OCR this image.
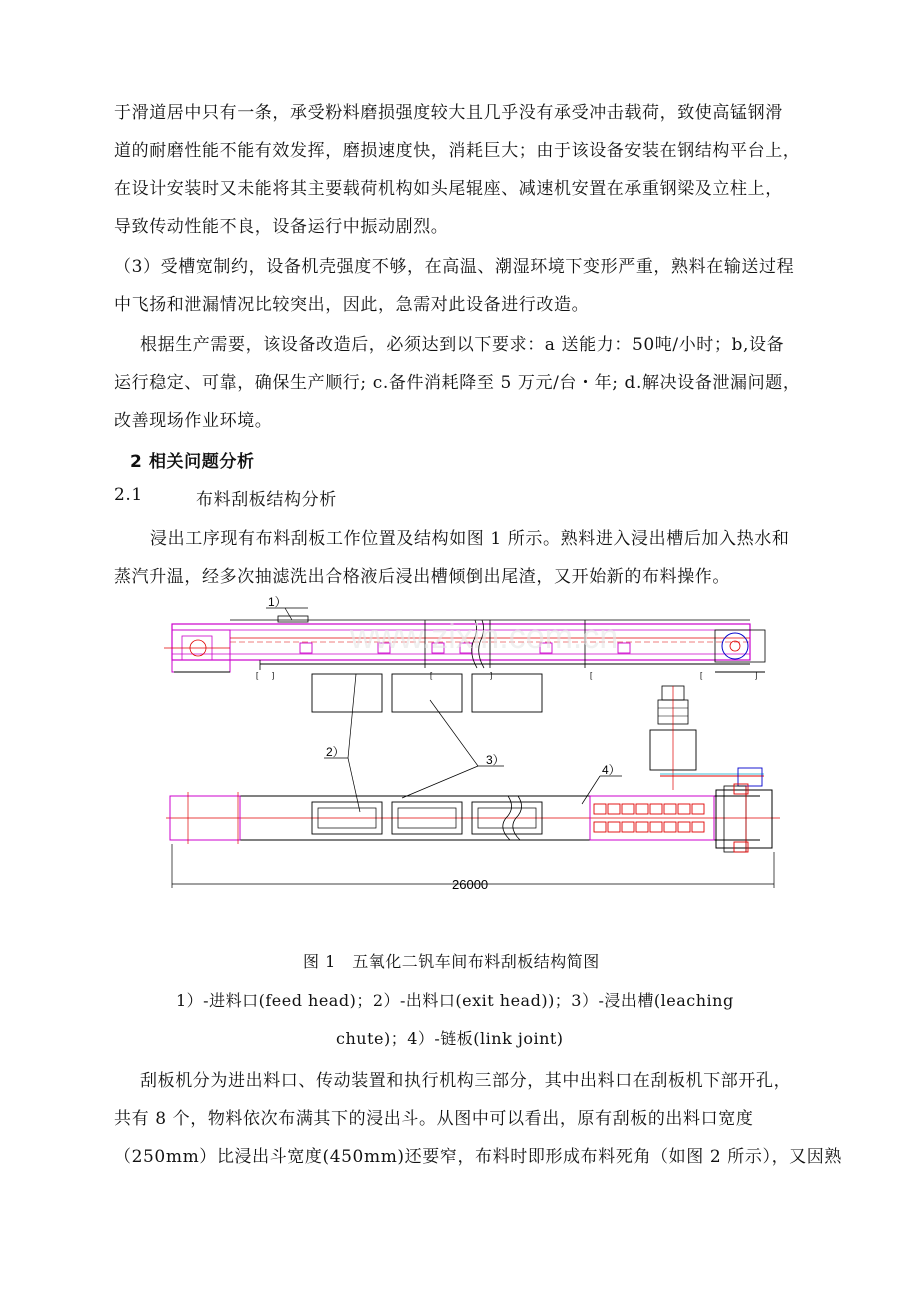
于滑道居中只有一条，承受粉料磨损强度较大且几乎没有承受冲击载荷，致使高锰钢滑
道的耐磨性能不能有效发挥，磨损速度快，消耗巨大；由于该设备安装在钢结构平台上，
在设计安装时又未能将其主要载荷机构如头尾辊座、减速机安置在承重钢梁及立柱上，
导致传动性能不良，设备运行中振动剧烈。
（3）受槽宽制约，设备机壳强度不够，在高温、潮湿环境下变形严重，熟料在输送过程
中飞扬和泄漏情况比较突出，因此，急需对此设备进行改造。
根据生产需要，该设备改造后，必须达到以下要求：a 送能力：50吨/小时；b,设备
运行稳定、可靠，确保生产顺行; c.备件消耗降至 5 万元/台・年; d.解决设备泄漏问题，
改善现场作业环境。
2 相关问题分析
2.1	布料刮板结构分析
浸出工序现有布料刮板工作位置及结构如图 1 所示。熟料进入浸出槽后加入热水和
蒸汽升温，经多次抽滤洗出合格液后浸出槽倾倒出尾渣，又开始新的布料操作。
[ ]	[	]	[	[	]
1）
2）
3）
4）
26000
www.zixin.com.cn
图 1　五氧化二钒车间布料刮板结构简图
1）-进料口(feed head)；2）-出料口(exit head))；3）-浸出槽(leaching
chute)；4）-链板(link joint)
刮板机分为进出料口、传动装置和执行机构三部分，其中出料口在刮板机下部开孔，
共有 8 个，物料依次布满其下的浸出斗。从图中可以看出，原有刮板的出料口宽度
（250mm）比浸出斗宽度(450mm)还要窄，布料时即形成布料死角（如图 2 所示），又因熟
